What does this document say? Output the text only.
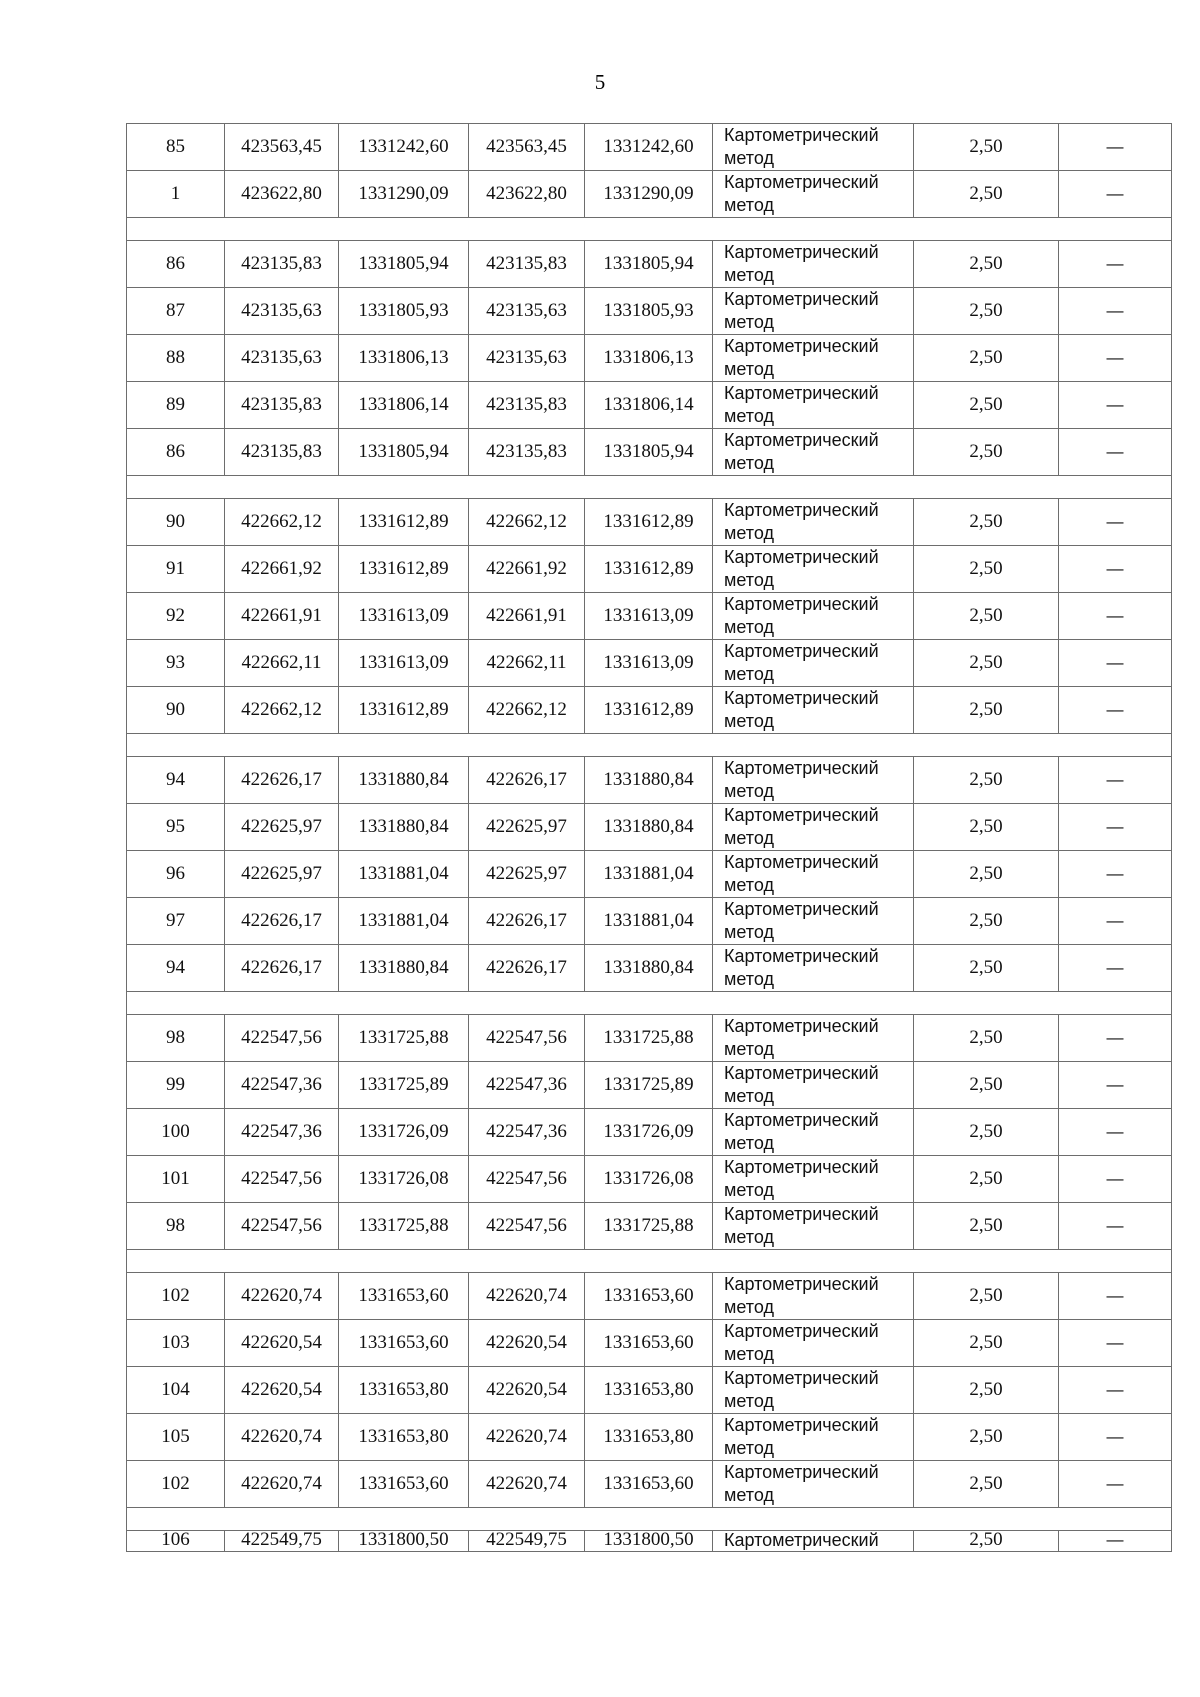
5
85	423563,45	1331242,60	423563,45	1331242,60	Картометрический метод	2,50	—
1	423622,80	1331290,09	423622,80	1331290,09	Картометрический метод	2,50	—

86	423135,83	1331805,94	423135,83	1331805,94	Картометрический метод	2,50	—
87	423135,63	1331805,93	423135,63	1331805,93	Картометрический метод	2,50	—
88	423135,63	1331806,13	423135,63	1331806,13	Картометрический метод	2,50	—
89	423135,83	1331806,14	423135,83	1331806,14	Картометрический метод	2,50	—
86	423135,83	1331805,94	423135,83	1331805,94	Картометрический метод	2,50	—

90	422662,12	1331612,89	422662,12	1331612,89	Картометрический метод	2,50	—
91	422661,92	1331612,89	422661,92	1331612,89	Картометрический метод	2,50	—
92	422661,91	1331613,09	422661,91	1331613,09	Картометрический метод	2,50	—
93	422662,11	1331613,09	422662,11	1331613,09	Картометрический метод	2,50	—
90	422662,12	1331612,89	422662,12	1331612,89	Картометрический метод	2,50	—

94	422626,17	1331880,84	422626,17	1331880,84	Картометрический метод	2,50	—
95	422625,97	1331880,84	422625,97	1331880,84	Картометрический метод	2,50	—
96	422625,97	1331881,04	422625,97	1331881,04	Картометрический метод	2,50	—
97	422626,17	1331881,04	422626,17	1331881,04	Картометрический метод	2,50	—
94	422626,17	1331880,84	422626,17	1331880,84	Картометрический метод	2,50	—

98	422547,56	1331725,88	422547,56	1331725,88	Картометрический метод	2,50	—
99	422547,36	1331725,89	422547,36	1331725,89	Картометрический метод	2,50	—
100	422547,36	1331726,09	422547,36	1331726,09	Картометрический метод	2,50	—
101	422547,56	1331726,08	422547,56	1331726,08	Картометрический метод	2,50	—
98	422547,56	1331725,88	422547,56	1331725,88	Картометрический метод	2,50	—

102	422620,74	1331653,60	422620,74	1331653,60	Картометрический метод	2,50	—
103	422620,54	1331653,60	422620,54	1331653,60	Картометрический метод	2,50	—
104	422620,54	1331653,80	422620,54	1331653,80	Картометрический метод	2,50	—
105	422620,74	1331653,80	422620,74	1331653,80	Картометрический метод	2,50	—
102	422620,74	1331653,60	422620,74	1331653,60	Картометрический метод	2,50	—

106	422549,75	1331800,50	422549,75	1331800,50	Картометрический	2,50	—
